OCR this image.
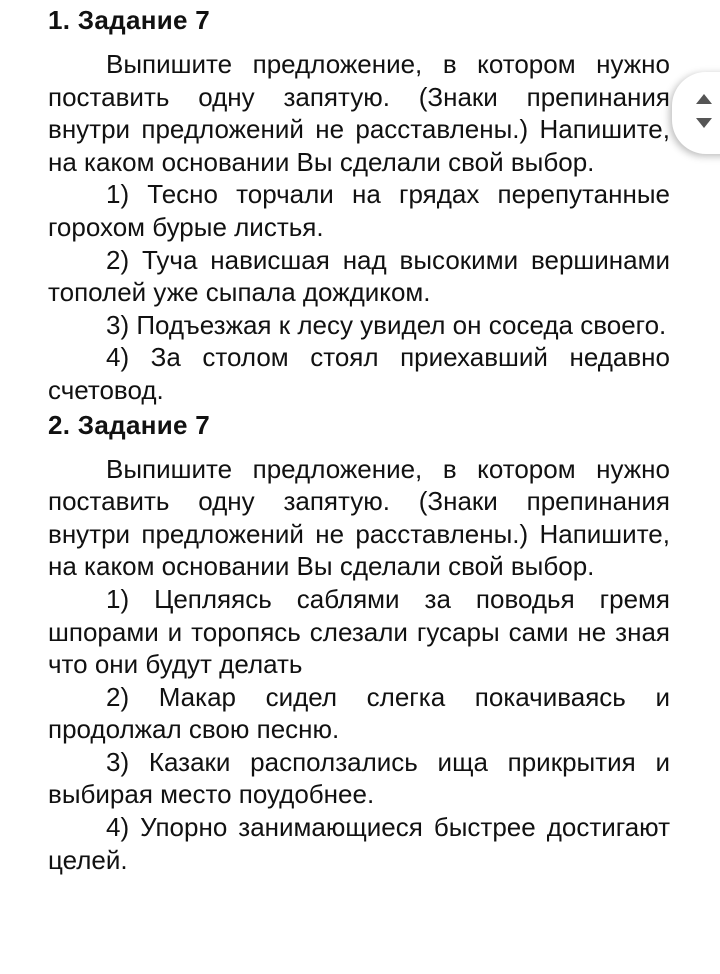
1. Задание 7

Выпишите предложение, в котором нужно поставить одну запятую. (Знаки препинания внутри предложений не расставлены.) Напишите, на каком основании Вы сделали свой выбор.

1) Тесно торчали на грядах перепутанные горохом бурые листья.

2) Туча нависшая над высокими вершинами тополей уже сыпала дождиком.

3) Подъезжая к лесу увидел он соседа своего.

4) За столом стоял приехавший недавно счетовод.

2. Задание 7

Выпишите предложение, в котором нужно поставить одну запятую. (Знаки препинания внутри предложений не расставлены.) Напишите, на каком основании Вы сделали свой выбор.

1) Цепляясь саблями за поводья гремя шпорами и торопясь слезали гусары сами не зная что они будут делать

2) Макар сидел слегка покачиваясь и продолжал свою песню.

3) Казаки расползались ища прикрытия и выбирая место поудобнее.

4) Упорно занимающиеся быстрее достигают целей.
